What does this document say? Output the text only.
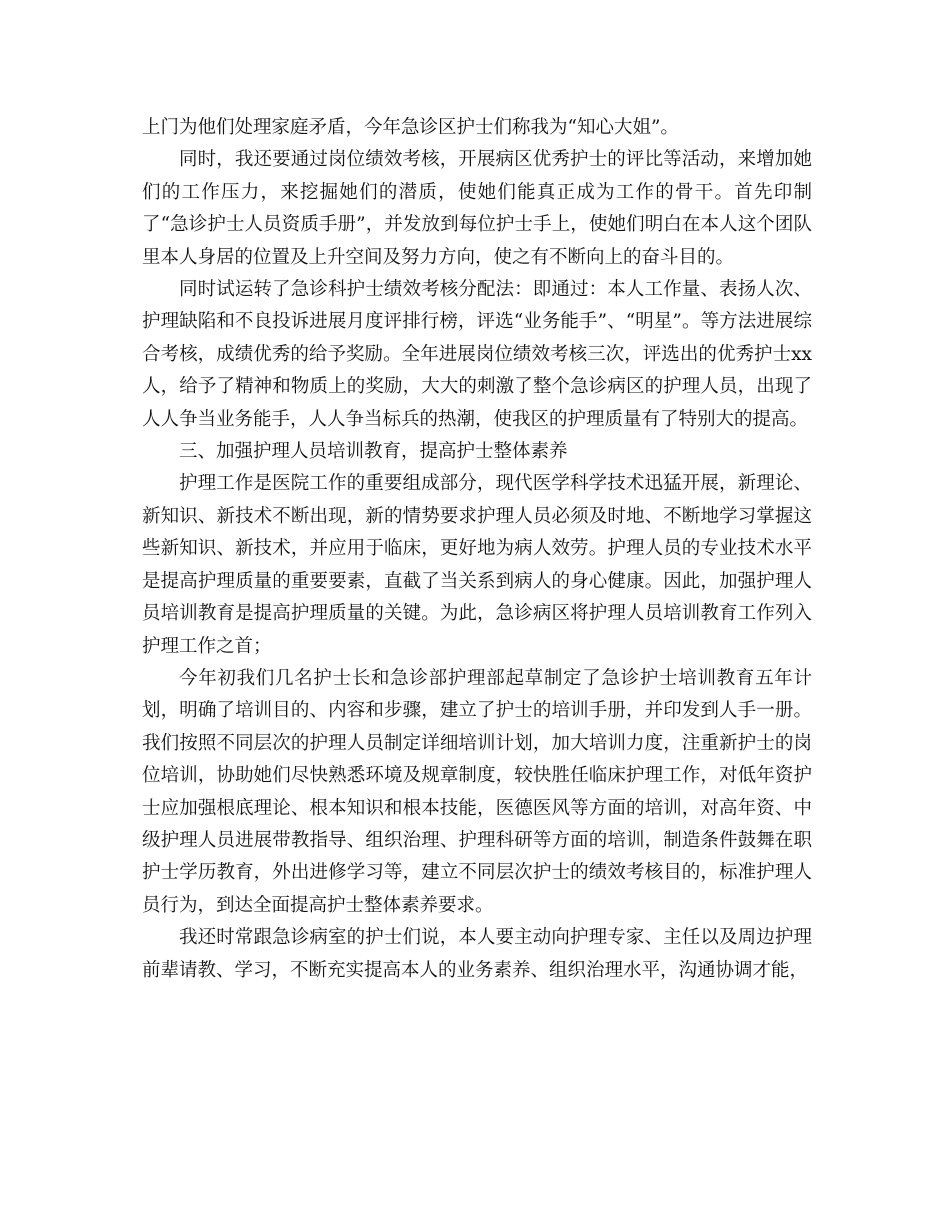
上门为他们处理家庭矛盾，今年急诊区护士们称我为“知心大姐”。

同时，我还要通过岗位绩效考核，开展病区优秀护士的评比等活动，来增加她们的工作压力，来挖掘她们的潜质，使她们能真正成为工作的骨干。首先印制了“急诊护士人员资质手册”，并发放到每位护士手上，使她们明白在本人这个团队里本人身居的位置及上升空间及努力方向，使之有不断向上的奋斗目的。

同时试运转了急诊科护士绩效考核分配法：即通过：本人工作量、表扬人次、护理缺陷和不良投诉进展月度评排行榜，评选“业务能手”、“明星”。等方法进展综合考核，成绩优秀的给予奖励。全年进展岗位绩效考核三次，评选出的优秀护士xx人，给予了精神和物质上的奖励，大大的刺激了整个急诊病区的护理人员，出现了人人争当业务能手，人人争当标兵的热潮，使我区的护理质量有了特别大的提高。

三、加强护理人员培训教育，提高护士整体素养

护理工作是医院工作的重要组成部分，现代医学科学技术迅猛开展，新理论、新知识、新技术不断出现，新的情势要求护理人员必须及时地、不断地学习掌握这些新知识、新技术，并应用于临床，更好地为病人效劳。护理人员的专业技术水平是提高护理质量的重要要素，直截了当关系到病人的身心健康。因此，加强护理人员培训教育是提高护理质量的关键。为此，急诊病区将护理人员培训教育工作列入护理工作之首；

今年初我们几名护士长和急诊部护理部起草制定了急诊护士培训教育五年计划，明确了培训目的、内容和步骤，建立了护士的培训手册，并印发到人手一册。我们按照不同层次的护理人员制定详细培训计划，加大培训力度，注重新护士的岗位培训，协助她们尽快熟悉环境及规章制度，较快胜任临床护理工作，对低年资护士应加强根底理论、根本知识和根本技能，医德医风等方面的培训，对高年资、中级护理人员进展带教指导、组织治理、护理科研等方面的培训，制造条件鼓舞在职护士学历教育，外出进修学习等，建立不同层次护士的绩效考核目的，标准护理人员行为，到达全面提高护士整体素养要求。

我还时常跟急诊病室的护士们说，本人要主动向护理专家、主任以及周边护理前辈请教、学习，不断充实提高本人的业务素养、组织治理水平，沟通协调才能，
